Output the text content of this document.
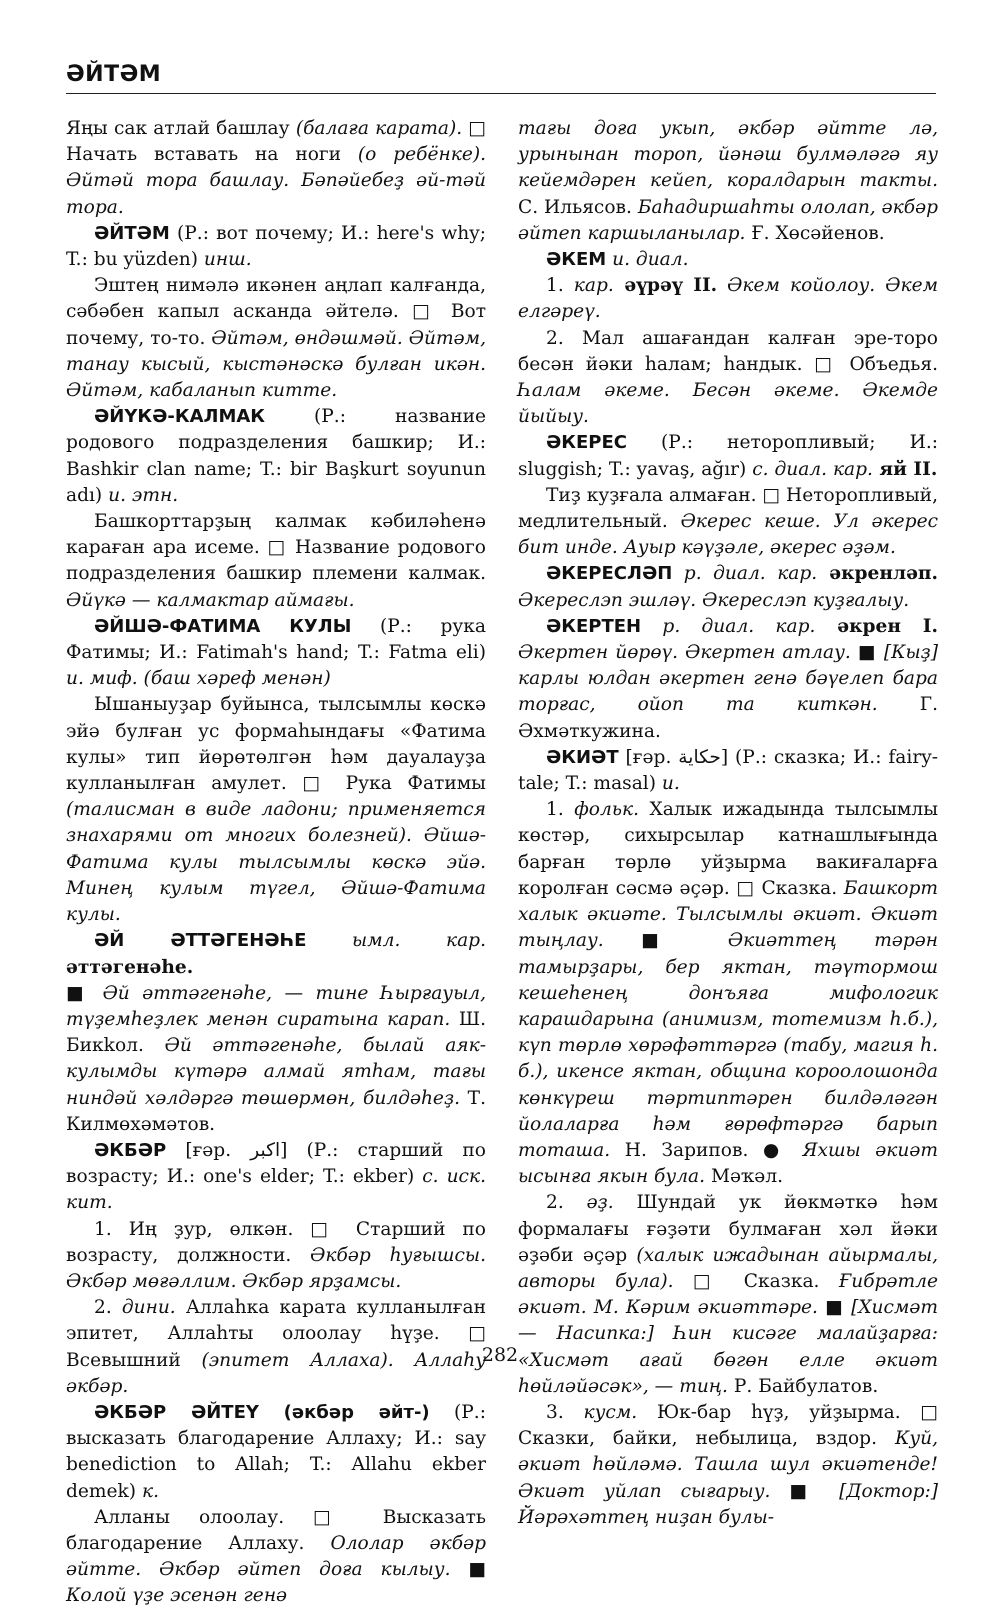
ӘЙТӘМ

Яңы сак атлай башлау (балаға карата). □ Начать вставать на ноги (о ребёнке). Әйтәй тора башлау. Бәпәйебеҙ әй-тәй тора.

ӘЙТӘМ (Р.: вот почему; И.: here's why; T.: bu yüzden) инш.

Эштең нимәлә икәнен аңлап калғанда, сәбәбен капыл асканда әйтелә. □ Вот почему, то-то. Әйтәм, өндәшмәй. Әйтәм, танау кысый, кыстәнәскә булған икән. Әйтәм, кабаланып китте.

ӘЙҮКӘ-КАЛМАК (Р.: название родового подразделения башкир; И.: Bashkir clan name; T.: bir Başkurt soyunun adı) и. этн.

Башкорттарҙың калмак кәбиләһенә караған ара исеме. □ Название родового подразделения башкир племени калмак. Әйүкә — калмактар аймағы.

ӘЙШӘ-ФАТИМА КУЛЫ (Р.: рука Фатимы; И.: Fatimah's hand; T.: Fatma eli) и. миф. (баш хәреф менән)

Ышаныуҙар буйынса, тылсымлы көскә эйә булған ус формаһындағы «Фатима кулы» тип йөрөтөлгән һәм дауалауҙа кулланылған амулет. □ Рука Фатимы (талисман в виде ладони; применяется знахарями от многих болезней). Әйшә-Фатима кулы тылсымлы көскә эйә. Минең кулым түгел, Әйшә-Фатима кулы.

ӘЙ ӘТТӘГЕНӘҺЕ ымл. кар. әттәгенәһе.

■ Әй әттәгенәһе, — тине Һырғауыл, түҙемһеҙлек менән сиратына карап. Ш. Бикkол. Әй әттәгенәһе, былай аяк-кулымды күтәрә алмай ятһам, тағы ниндәй хәлдәргә төшөрмөн, билдәһеҙ. Т. Килмөхәмәтов.

ӘКБӘР [ғәр. اكبر] (Р.: старший по возрасту; И.: one's elder; T.: ekber) с. иск. кит.

1. Иң ҙур, өлкән. □ Старший по возрасту, должности. Әкбәр һуғышсы. Әкбәр мөғәллим. Әкбәр ярҙамсы.

2. дини. Аллаһка карата кулланылған эпитет, Аллаһты олоолау һүҙе. □ Всевышний (эпитет Аллаха). Аллаһу әкбәр.

ӘКБӘР ӘЙТЕҮ (әкбәр әйт-) (Р.: высказать благодарение Аллаху; И.: say benediction to Allah; T.: Allahu ekber demek) к.

Алланы олоолау. □ Высказать благодарение Аллаху. Ололар әкбәр әйтте. Әкбәр әйтеп доға кылыу. ■ Колой үҙе эсенән генә

тағы доға укып, әкбәр әйтте лә, урынынан тороп, йәнәш булмәләгә яу кейемдәрен кейеп, коралдарын такты. С. Ильясов. Баһадиршаһты ололап, әкбәр әйтеп каршыланылар. Ғ. Хөсәйенов.

ӘКЕМ и. диал.

1. кар. әүрәү II. Әкем койолоу. Әкем елгәреү.

2. Мал ашағандан калған эре-торо бесән йәки һалам; һандык. □ Объедья. Һалам әкеме. Бесән әкеме. Әкемде йыйыу.

ӘКЕРЕС (Р.: неторопливый; И.: sluggish; T.: yavaş, ağır) с. диал. кар. яй II.

Тиҙ куҙғала алмаған. □ Неторопливый, медлительный. Әкерес кеше. Ул әкерес бит инде. Ауыр кәүҙәле, әкерес әҙәм.

ӘКЕРЕСЛӘП р. диал. кар. әкренләп. Әкереслэп эшләү. Әкереслэп куҙғалыу.

ӘКЕРТЕН р. диал. кар. әкрен I. Әкертен йөрөү. Әкертен атлау. ■ [Кыҙ] карлы юлдан әкертен генә бәүелеп бара торғас, ойоп та киткән. Г. Әхмәткужина.

ӘКИӘТ [ғәр. حكاية] (Р.: сказка; И.: fairy-tale; T.: masal) и.

1. фольк. Халык ижадында тылсымлы көстәр, сихырсылар катнашлығында барған төрлө уйҙырма вакиғаларға королған сәсмә әҫәр. □ Сказка. Башкорт халык әкиәте. Тылсымлы әкиәт. Әкиәт тыңлау. ■ Әкиәттең тәрән тамырҙары, бер яктан, тәүтормош кешеһенең донъяға мифологик карашдарына (анимизм, тотемизм һ.б.), күп төрлө хөрәфәттәргә (табу, магия һ. б.), икенсе яктан, община короолошонда көнкүреш тәртиптәрен билдәләгән йолаларға һәм ғөрөфтәргә барып тоташа. Н. Зарипов. ● Яхшы әкиәт ысынға якын була. Мәҡәл.

2. әҙ. Шундай ук йөкмәткә һәм формалағы ғәҙәти булмаған хәл йәки әҙәби әҫәр (халык ижадынан айырмалы, авторы була). □ Сказка. Ғибрәтле әкиәт. М. Кәрим әкиәттәре. ■ [Хисмәт — Насипка:] Һин кисәге малайҙарға: «Хисмәт ағай бөгөн елле әкиәт һөйләйәсәк», — тиң. Р. Байбулатов.

3. кусм. Юк-бар һүҙ, уйҙырма. □ Сказки, байки, небылица, вздор. Куй, әкиәт һөйләмә. Ташла шул әкиәтенде! Әкиәт уйлап сығарыу. ■ [Доктор:] Йәрәхәттең ниҙан булы-

282
